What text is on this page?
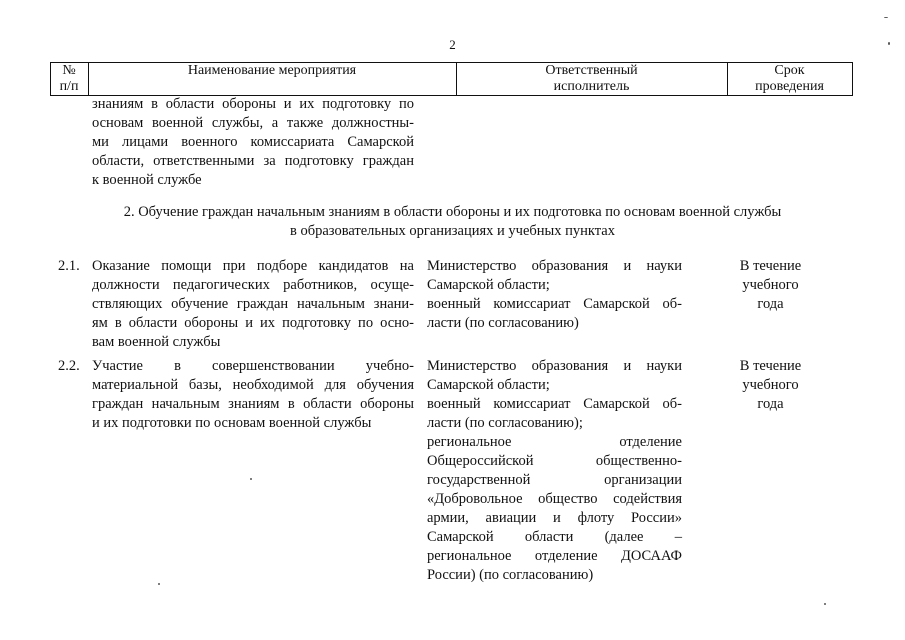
2
№
п/п
Наименование мероприятия	Ответственный
исполнитель
Срок
проведения
знаниям в области обороны и их подготовку по
основам военной службы, а также должностны-
ми лицами военного комиссариата Самарской
области, ответственными за подготовку граждан
к военной службе
2. Обучение граждан начальным знаниям в области обороны и их подготовка по основам военной службы
в образовательных организациях и учебных пунктах
2.1. Оказание помощи при подборе кандидатов на
должности педагогических работников, осуще-
ствляющих обучение граждан начальным знани-
ям в области обороны и их подготовку по осно-
вам военной службы
Министерство образования и науки
Самарской области;
военный комиссариат Самарской об-
ласти (по согласованию)
В течение
учебного
года
2.2. Участие в совершенствовании учебно-
материальной базы, необходимой для обучения
граждан начальным знаниям в области обороны
и их подготовки по основам военной службы
Министерство образования и науки
Самарской области;
военный комиссариат Самарской об-
ласти (по согласованию);
региональное отделение
Общероссийской общественно-
государственной организации
«Добровольное общество содействия
армии, авиации и флоту России»
Самарской области (далее –
региональное отделение ДОСААФ
России) (по согласованию)
В течение
учебного
года
